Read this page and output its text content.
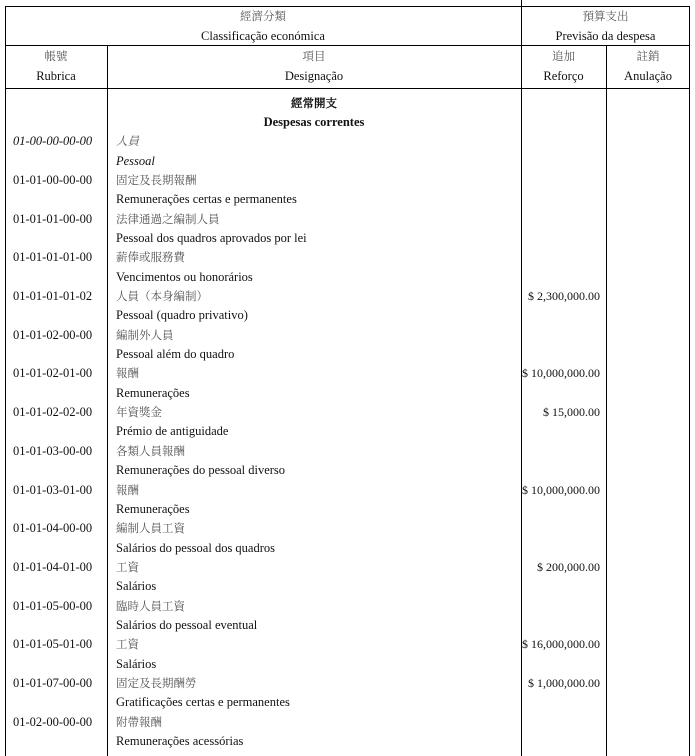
經濟分類
Classificação económica
預算支出
Previsão da despesa
帳號
Rubrica
項目
Designação
追加
Reforço
註銷
Anulação
經常開支
Despesas correntes
01-00-00-00-00	人員
Pessoal
01-01-00-00-00	固定及長期報酬
Remunerações certas e permanentes
01-01-01-00-00	法律通過之編制人員
Pessoal dos quadros aprovados por lei
01-01-01-01-00	薪俸或服務費
Vencimentos ou honorários
01-01-01-01-02	人員（本身編制）	$ 2,300,000.00
Pessoal (quadro privativo)
01-01-02-00-00	編制外人員
Pessoal além do quadro
01-01-02-01-00	報酬	$ 10,000,000.00
Remunerações
01-01-02-02-00	年資獎金	$ 15,000.00
Prémio de antiguidade
01-01-03-00-00	各類人員報酬
Remunerações do pessoal diverso
01-01-03-01-00	報酬	$ 10,000,000.00
Remunerações
01-01-04-00-00	編制人員工資
Salários do pessoal dos quadros
01-01-04-01-00	工資	$ 200,000.00
Salários
01-01-05-00-00	臨時人員工資
Salários do pessoal eventual
01-01-05-01-00	工資	$ 16,000,000.00
Salários
01-01-07-00-00	固定及長期酬勞	$ 1,000,000.00
Gratificações certas e permanentes
01-02-00-00-00	附帶報酬
Remunerações acessórias
